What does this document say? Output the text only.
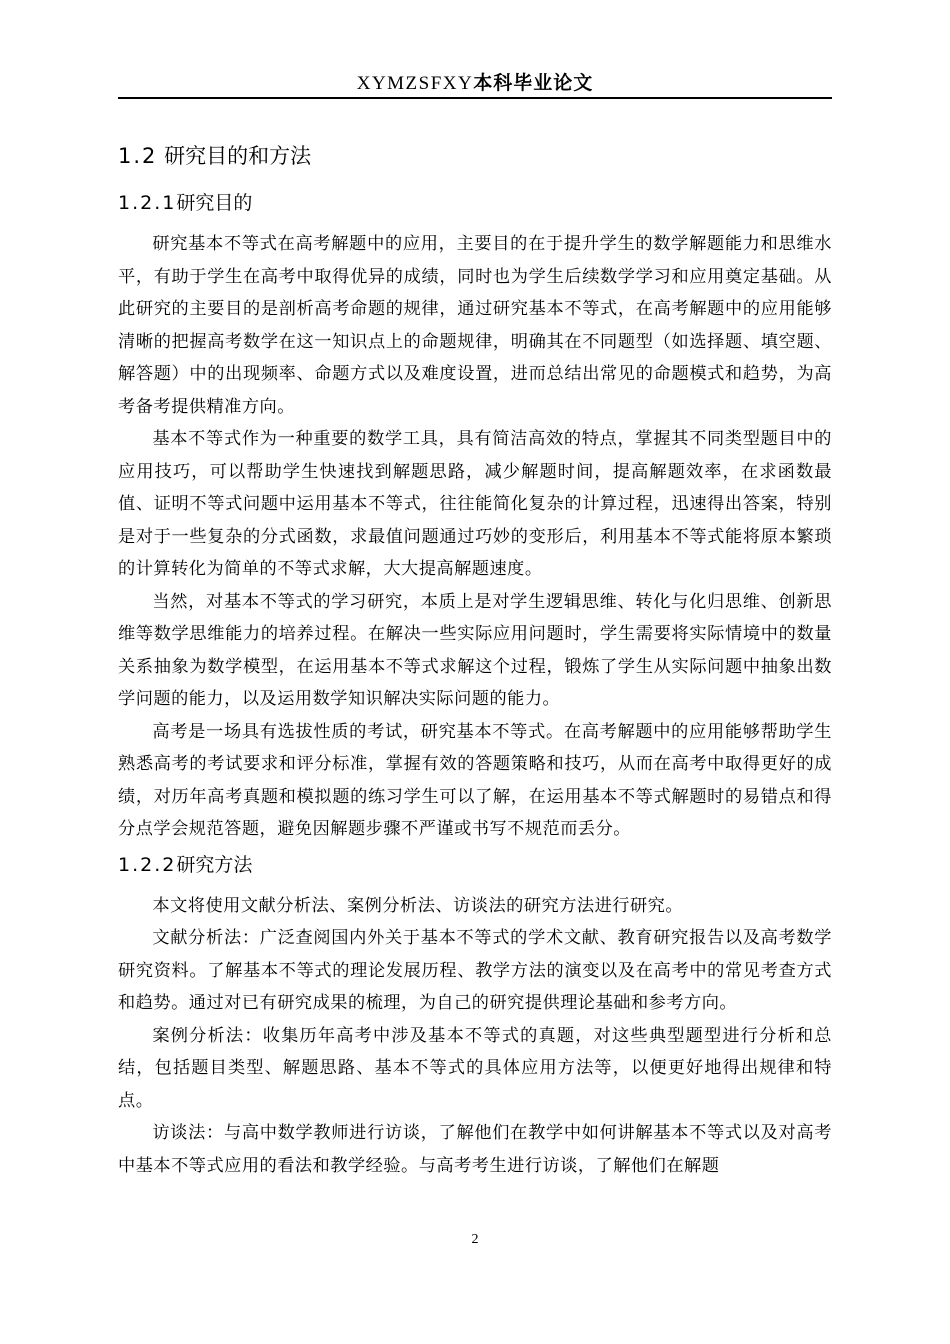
XYMZSFXY本科毕业论文
1.2 研究目的和方法
1.2.1研究目的

研究基本不等式在高考解题中的应用，主要目的在于提升学生的数学解题能力和思维水平，有助于学生在高考中取得优异的成绩，同时也为学生后续数学学习和应用奠定基础。从此研究的主要目的是剖析高考命题的规律，通过研究基本不等式，在高考解题中的应用能够清晰的把握高考数学在这一知识点上的命题规律，明确其在不同题型（如选择题、填空题、解答题）中的出现频率、命题方式以及难度设置，进而总结出常见的命题模式和趋势，为高考备考提供精准方向。

基本不等式作为一种重要的数学工具，具有简洁高效的特点，掌握其不同类型题目中的应用技巧，可以帮助学生快速找到解题思路，减少解题时间，提高解题效率，在求函数最值、证明不等式问题中运用基本不等式，往往能简化复杂的计算过程，迅速得出答案，特别是对于一些复杂的分式函数，求最值问题通过巧妙的变形后，利用基本不等式能将原本繁琐的计算转化为简单的不等式求解，大大提高解题速度。

当然，对基本不等式的学习研究，本质上是对学生逻辑思维、转化与化归思维、创新思维等数学思维能力的培养过程。在解决一些实际应用问题时，学生需要将实际情境中的数量关系抽象为数学模型，在运用基本不等式求解这个过程，锻炼了学生从实际问题中抽象出数学问题的能力，以及运用数学知识解决实际问题的能力。

高考是一场具有选拔性质的考试，研究基本不等式。在高考解题中的应用能够帮助学生熟悉高考的考试要求和评分标准，掌握有效的答题策略和技巧，从而在高考中取得更好的成绩，对历年高考真题和模拟题的练习学生可以了解，在运用基本不等式解题时的易错点和得分点学会规范答题，避免因解题步骤不严谨或书写不规范而丢分。

1.2.2研究方法

本文将使用文献分析法、案例分析法、访谈法的研究方法进行研究。

文献分析法：广泛查阅国内外关于基本不等式的学术文献、教育研究报告以及高考数学研究资料。了解基本不等式的理论发展历程、教学方法的演变以及在高考中的常见考查方式和趋势。通过对已有研究成果的梳理，为自己的研究提供理论基础和参考方向。

案例分析法：收集历年高考中涉及基本不等式的真题，对这些典型题型进行分析和总结，包括题目类型、解题思路、基本不等式的具体应用方法等，以便更好地得出规律和特点。

访谈法：与高中数学教师进行访谈，了解他们在教学中如何讲解基本不等式以及对高考中基本不等式应用的看法和教学经验。与高考考生进行访谈，了解他们在解题

2
